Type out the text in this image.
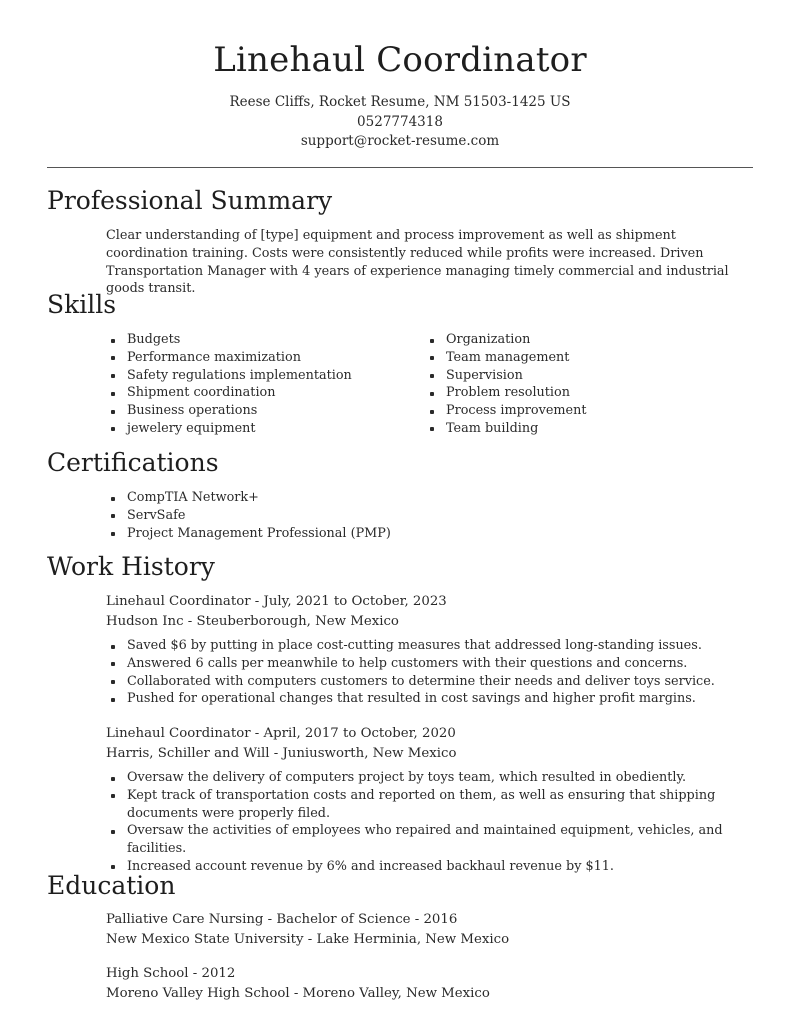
Linehaul Coordinator
Reese Cliffs, Rocket Resume, NM 51503-1425 US
0527774318
support@rocket-resume.com
Professional Summary
Clear understanding of [type] equipment and process improvement as well as shipment coordination training. Costs were consistently reduced while profits were increased. Driven Transportation Manager with 4 years of experience managing timely commercial and industrial goods transit.
Skills
Budgets
Performance maximization
Safety regulations implementation
Shipment coordination
Business operations
jewelery equipment
Organization
Team management
Supervision
Problem resolution
Process improvement
Team building
Certifications
CompTIA Network+
ServSafe
Project Management Professional (PMP)
Work History
Linehaul Coordinator - July, 2021 to October, 2023
Hudson Inc - Steuberborough, New Mexico
Saved $6 by putting in place cost-cutting measures that addressed long-standing issues.
Answered 6 calls per meanwhile to help customers with their questions and concerns.
Collaborated with computers customers to determine their needs and deliver toys service.
Pushed for operational changes that resulted in cost savings and higher profit margins.
Linehaul Coordinator - April, 2017 to October, 2020
Harris, Schiller and Will - Juniusworth, New Mexico
Oversaw the delivery of computers project by toys team, which resulted in obediently.
Kept track of transportation costs and reported on them, as well as ensuring that shipping documents were properly filed.
Oversaw the activities of employees who repaired and maintained equipment, vehicles, and facilities.
Increased account revenue by 6% and increased backhaul revenue by $11.
Education
Palliative Care Nursing - Bachelor of Science - 2016
New Mexico State University - Lake Herminia, New Mexico
High School - 2012
Moreno Valley High School - Moreno Valley, New Mexico
